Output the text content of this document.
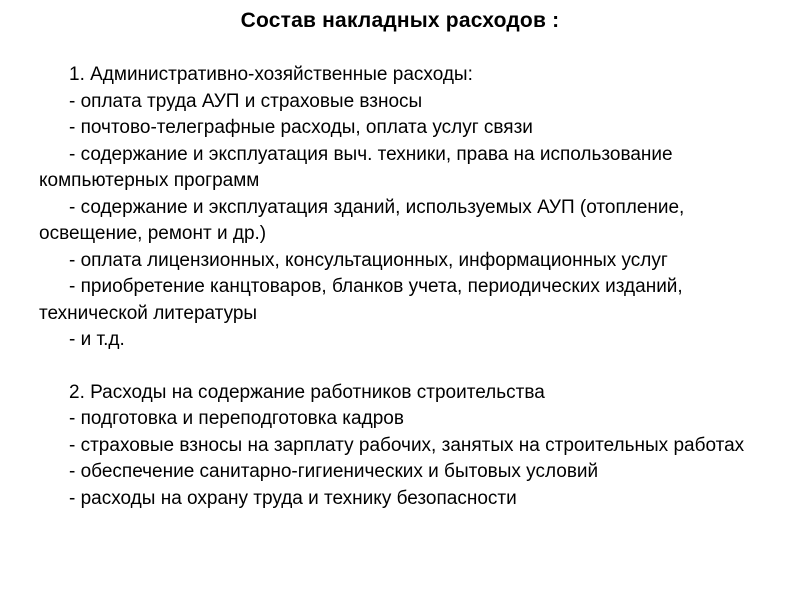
Состав накладных расходов :

1. Административно-хозяйственные расходы:

- оплата труда АУП и страховые взносы

- почтово-телеграфные расходы, оплата услуг связи

- содержание и эксплуатация выч. техники, права на использование компьютерных программ

- содержание и эксплуатация зданий, используемых АУП (отопление, освещение, ремонт и др.)

- оплата лицензионных, консультационных, информационных услуг

- приобретение канцтоваров, бланков учета, периодических изданий, технической литературы

- и т.д.

2. Расходы на содержание работников строительства

- подготовка и переподготовка кадров

- страховые взносы на зарплату рабочих, занятых на строительных работах

- обеспечение санитарно-гигиенических и бытовых условий

- расходы на охрану труда и технику безопасности
